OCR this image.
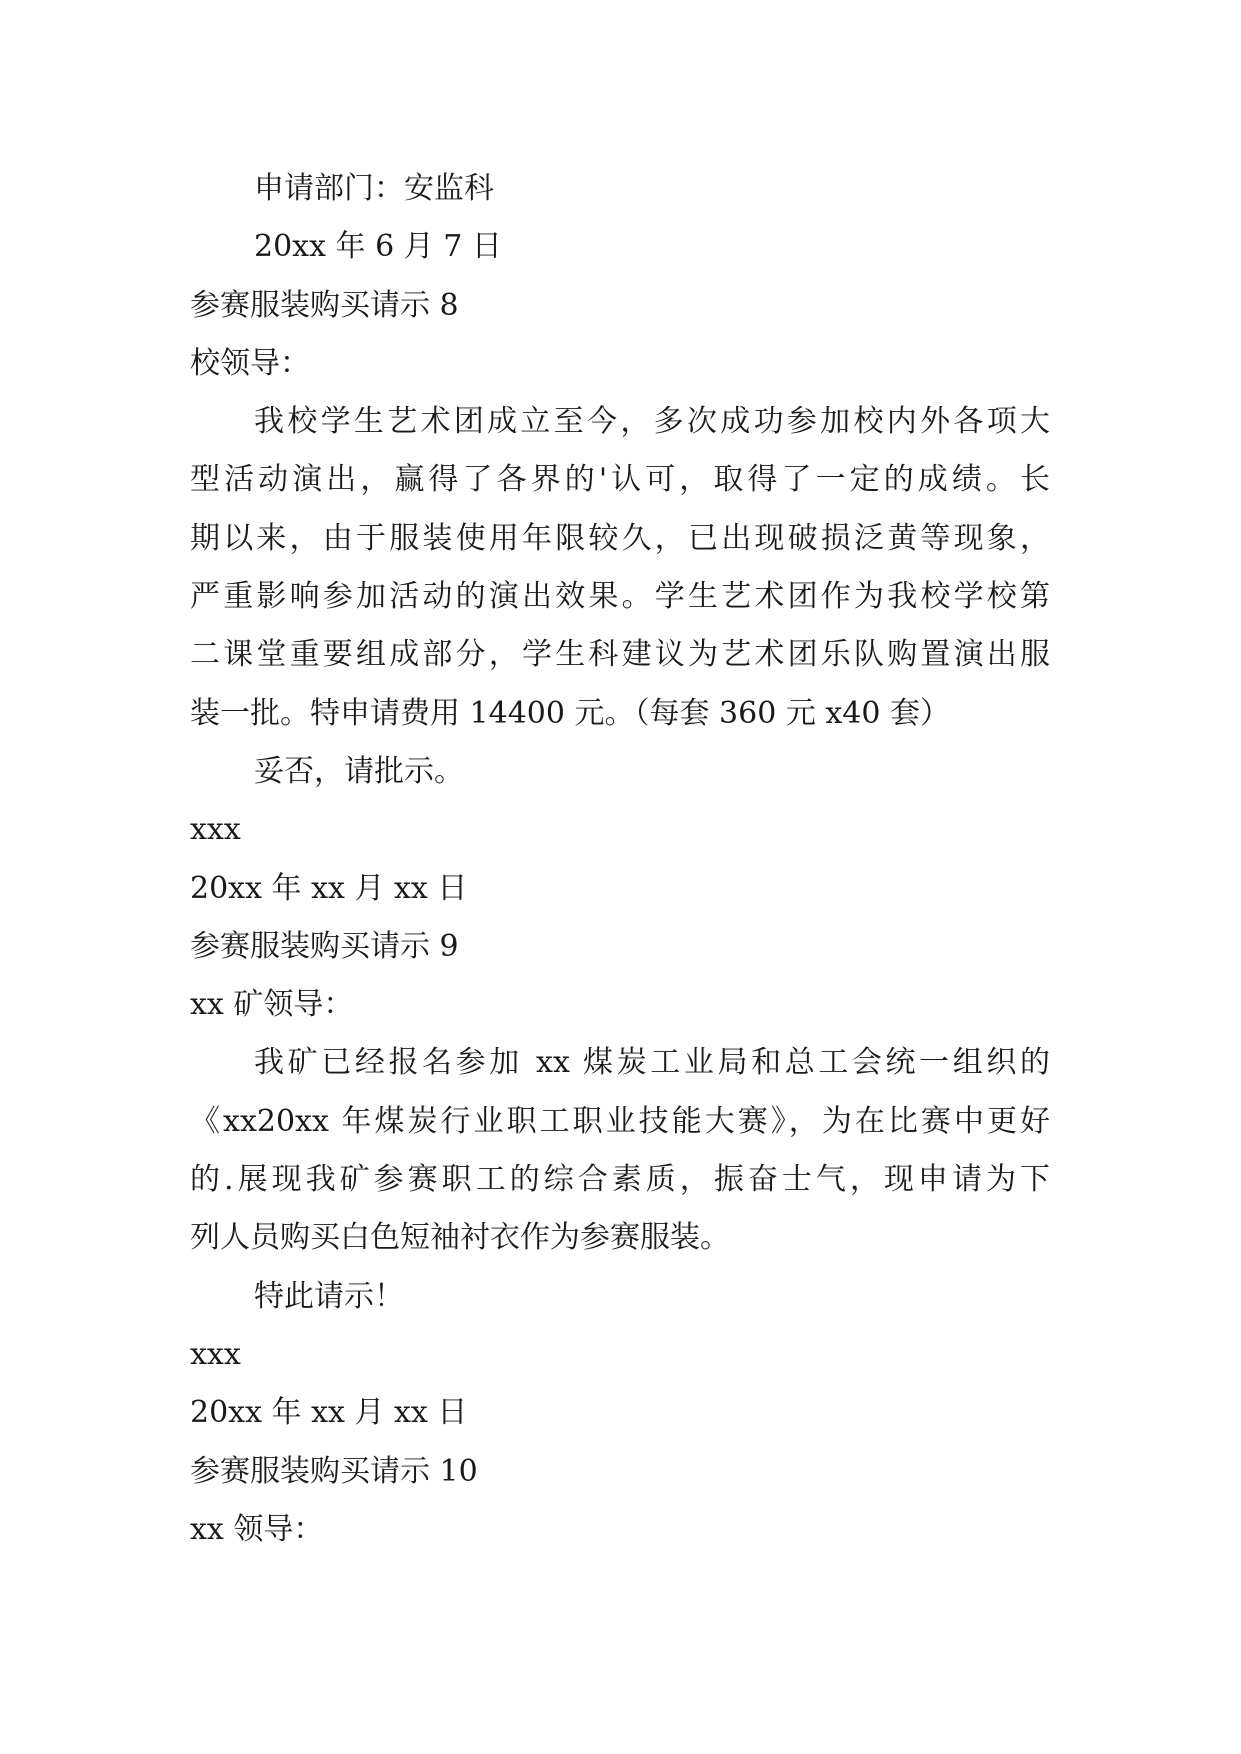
申请部门：安监科
20xx 年 6 月 7 日
参赛服装购买请示 8
校领导：
我校学生艺术团成立至今，多次成功参加校内外各项大
型活动演出，赢得了各界的'认可，取得了一定的成绩。长
期以来，由于服装使用年限较久，已出现破损泛黄等现象，
严重影响参加活动的演出效果。学生艺术团作为我校学校第
二课堂重要组成部分，学生科建议为艺术团乐队购置演出服
装一批。特申请费用 14400 元。（每套 360 元 x40 套）
妥否，请批示。
xxx
20xx 年 xx 月 xx 日
参赛服装购买请示 9
xx 矿领导：
我矿已经报名参加 xx 煤炭工业局和总工会统一组织的
《xx20xx 年煤炭行业职工职业技能大赛》，为在比赛中更好
的.展现我矿参赛职工的综合素质，振奋士气，现申请为下
列人员购买白色短袖衬衣作为参赛服装。
特此请示！
xxx
20xx 年 xx 月 xx 日
参赛服装购买请示 10
xx 领导：
